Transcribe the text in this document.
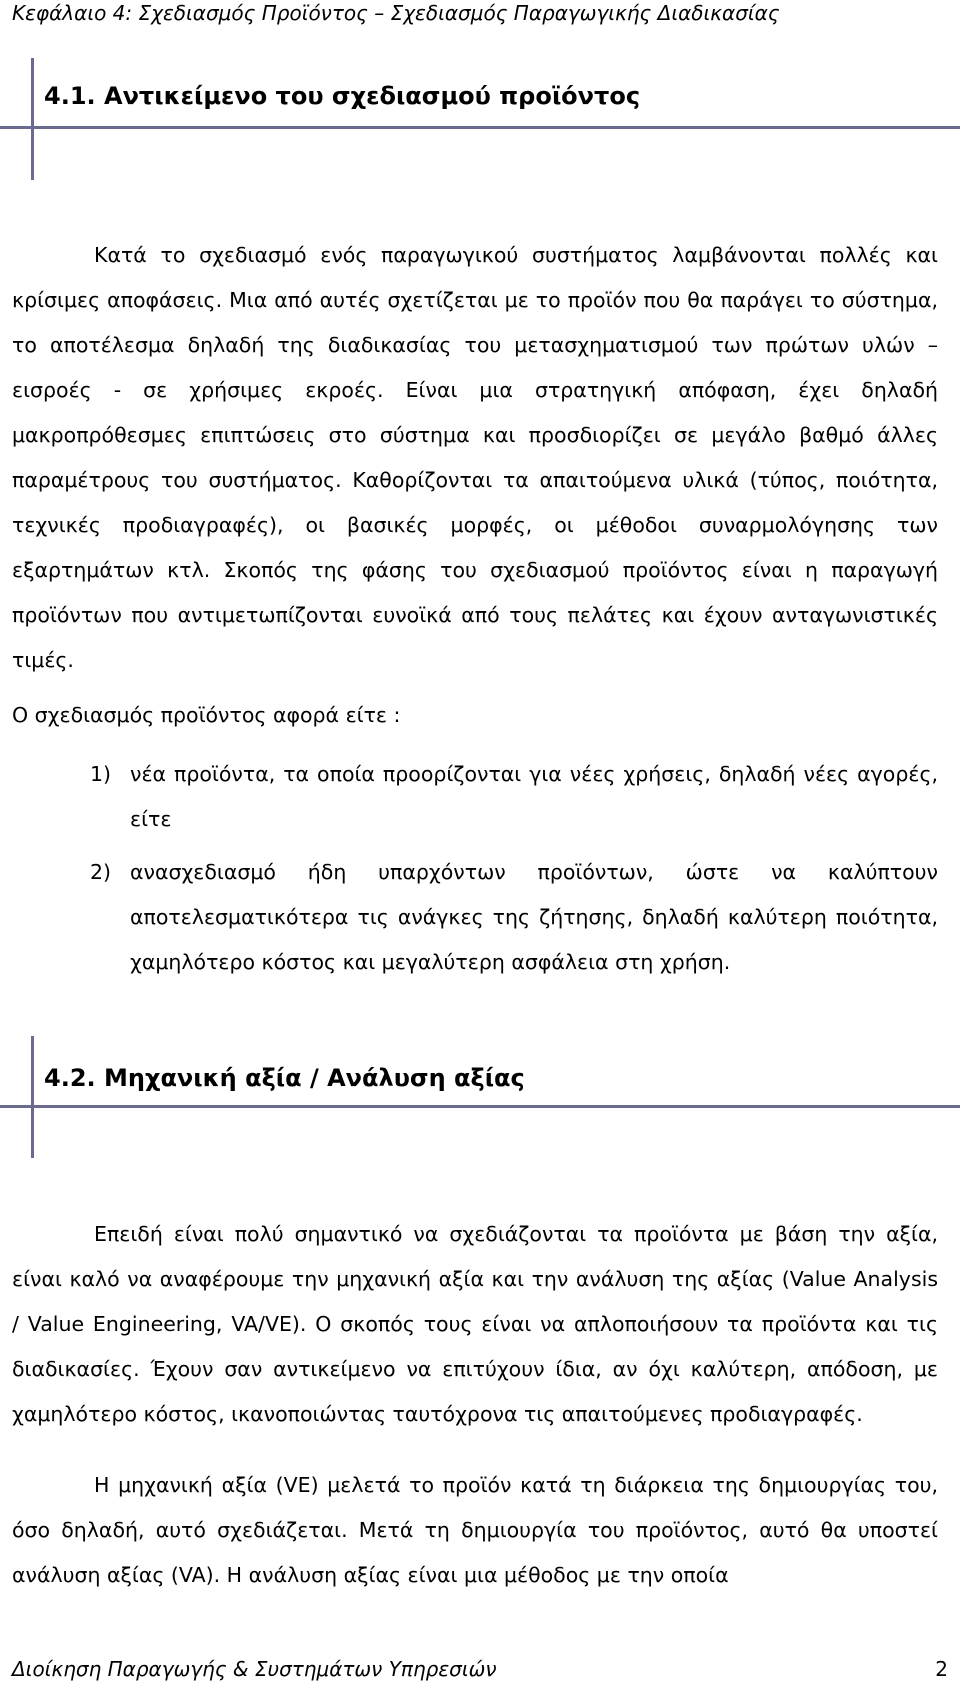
Κεφάλαιο 4: Σχεδιασμός Προϊόντος – Σχεδιασμός Παραγωγικής Διαδικασίας
4.1. Αντικείμενο του σχεδιασμού προϊόντος

Κατά το σχεδιασμό ενός παραγωγικού συστήματος λαμβάνονται πολλές και κρίσιμες αποφάσεις. Μια από αυτές σχετίζεται με το προϊόν που θα παράγει το σύστημα, το αποτέλεσμα δηλαδή της διαδικασίας του μετασχηματισμού των πρώτων υλών – εισροές - σε χρήσιμες εκροές. Είναι μια στρατηγική απόφαση, έχει δηλαδή μακροπρόθεσμες επιπτώσεις στο σύστημα και προσδιορίζει σε μεγάλο βαθμό άλλες παραμέτρους του συστήματος. Καθορίζονται τα απαιτούμενα υλικά (τύπος, ποιότητα, τεχνικές προδιαγραφές), οι βασικές μορφές, οι μέθοδοι συναρμολόγησης των εξαρτημάτων κτλ. Σκοπός της φάσης του σχεδιασμού προϊόντος είναι η παραγωγή προϊόντων που αντιμετωπίζονται ευνοϊκά από τους πελάτες και έχουν ανταγωνιστικές τιμές.

Ο σχεδιασμός προϊόντος αφορά είτε :

1) νέα προϊόντα, τα οποία προορίζονται για νέες χρήσεις, δηλαδή νέες αγορές, είτε
2) ανασχεδιασμό ήδη υπαρχόντων προϊόντων, ώστε να καλύπτουν αποτελεσματικότερα τις ανάγκες της ζήτησης, δηλαδή καλύτερη ποιότητα, χαμηλότερο κόστος και μεγαλύτερη ασφάλεια στη χρήση.
4.2. Μηχανική αξία / Ανάλυση αξίας

Επειδή είναι πολύ σημαντικό να σχεδιάζονται τα προϊόντα με βάση την αξία, είναι καλό να αναφέρουμε την μηχανική αξία και την ανάλυση της αξίας (Value Analysis / Value Engineering, VA/VE). Ο σκοπός τους είναι να απλοποιήσουν τα προϊόντα και τις διαδικασίες. Έχουν σαν αντικείμενο να επιτύχουν ίδια, αν όχι καλύτερη, απόδοση, με χαμηλότερο κόστος, ικανοποιώντας ταυτόχρονα τις απαιτούμενες προδιαγραφές.

Η μηχανική αξία (VE) μελετά το προϊόν κατά τη διάρκεια της δημιουργίας του, όσο δηλαδή, αυτό σχεδιάζεται. Μετά τη δημιουργία του προϊόντος, αυτό θα υποστεί ανάλυση αξίας (VA). Η ανάλυση αξίας είναι μια μέθοδος με την οποία

Διοίκηση Παραγωγής & Συστημάτων Υπηρεσιών	2
